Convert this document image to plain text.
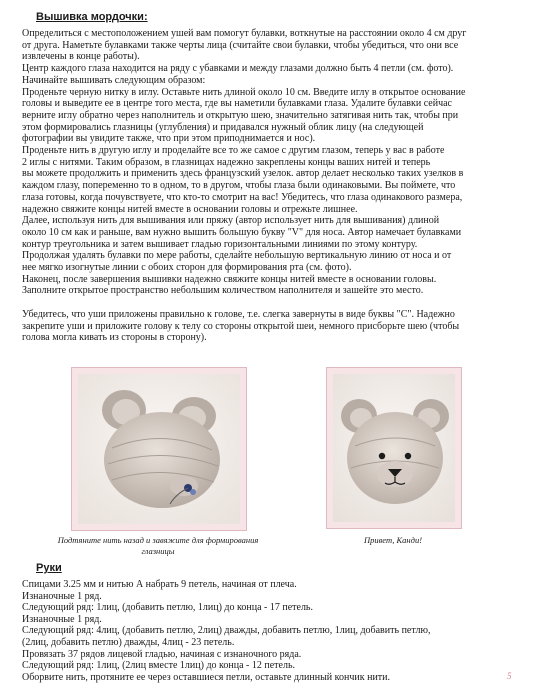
Вышивка мордочки:

Определиться с местоположением ушей вам помогут булавки, воткнутые на расстоянии около 4 см друг

от друга. Наметьте булавками также черты лица (считайте свои булавки, чтобы убедиться, что они все

извлечены в конце работы).

Центр каждого глаза находится на ряду с убавками и между глазами должно быть 4 петли (см. фото).

Начинайте вышивать следующим образом:

Проденьте черную нитку в иглу. Оставьте нить длиной около 10 см. Введите иглу в открытое основание

головы и выведите ее в центре того места, где вы наметили булавками глаза. Удалите булавки сейчас

верните иглу обратно через наполнитель и открытую шею, значительно затягивая нить так, чтобы при

этом формировались глазницы (углубления) и придавался нужный облик лицу (на следующей

фотографии вы увидите также, что при этом приподнимается и нос).

Проденьте нить в другую иглу и проделайте все то же самое с другим глазом, теперь у вас в работе

2 иглы с нитями. Таким образом, в глазницах надежно закреплены концы ваших нитей и теперь

вы можете продолжить и применить здесь французский узелок. автор делает несколько таких узелков в

каждом глазу, попеременно то в одном, то в другом, чтобы глаза были одинаковыми. Вы поймете, что

глаза готовы, когда почувствуете, что кто-то смотрит на вас! Убедитесь, что глаза одинакового размера,

надежно свяжите концы нитей вместе в основании головы и отрежьте лишнее.

Далее, используя нить для вышивания или пряжу (автор использует нить для вышивания) длиной

около 10 см как и раньше, вам нужно вышить большую букву "V" для носа. Автор намечает булавками

контур треугольника и затем вышивает гладью горизонтальными линиями по этому контуру.

Продолжая удалять булавки по мере работы, сделайте небольшую вертикальную линию от носа и от

нее мягко изогнутые линии с обоих сторон для формирования рта (см. фото).

Наконец, после завершения вышивки надежно свяжите концы нитей вместе в основании головы.

Заполните открытое пространство небольшим количеством наполнителя и зашейте это место.

Убедитесь, что уши приложены правильно к голове, т.е. слегка завернуты в виде буквы "С". Надежно

закрепите уши и приложите голову к телу со стороны открытой шеи, немного присборьте шею (чтобы

голова могла кивать из стороны в сторону).

Подтяните нить назад и завяжите для формирования глазницы
Привет, Канди!
Руки

Спицами 3.25 мм и нитью А набрать 9 петель, начиная от плеча.

Изнаночные 1 ряд.

Следующий ряд: 1лиц, (добавить петлю, 1лиц) до конца - 17 петель.

Изнаночные 1 ряд.

Следующий ряд: 4лиц, (добавить петлю, 2лиц) дважды, добавить петлю, 1лиц, добавить петлю,

(2лиц, добавить петлю) дважды, 4лиц - 23 петель.

Провязать 37 рядов лицевой гладью, начиная с изнаночного ряда.

Следующий ряд: 1лиц, (2лиц вместе 1лиц) до конца - 12 петель.

Оборвите нить, протяните ее через оставшиеся петли, оставьте длинный кончик нити.	5
